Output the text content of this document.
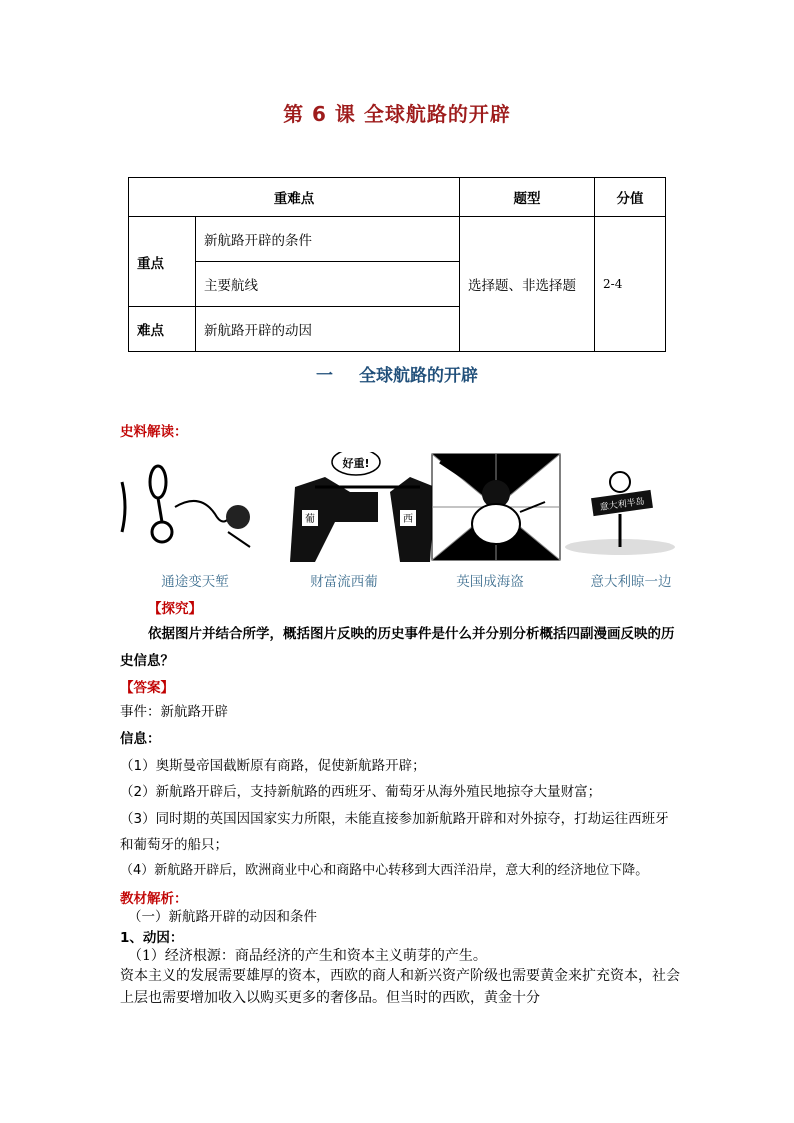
第 6 课 全球航路的开辟
重难点		题型	分值
重点	新航路开辟的条件	选择题、非选择题	2-4
	主要航线		
难点	新航路开辟的动因		
一 全球航路的开辟
史料解读：
好重!
葡	西
意大利半岛
通途变天堑	财富流西葡	英国成海盗	意大利晾一边
【探究】
依据图片并结合所学，概括图片反映的历史事件是什么并分别分析概括四副漫画反映的历史信息？
【答案】
事件：新航路开辟
信息：
（1）奥斯曼帝国截断原有商路，促使新航路开辟；
（2）新航路开辟后，支持新航路的西班牙、葡萄牙从海外殖民地掠夺大量财富；
（3）同时期的英国因国家实力所限，未能直接参加新航路开辟和对外掠夺，打劫运往西班牙和葡萄牙的船只；
（4）新航路开辟后，欧洲商业中心和商路中心转移到大西洋沿岸，意大利的经济地位下降。
教材解析：
（一）新航路开辟的动因和条件
1、动因：
（1）经济根源：商品经济的产生和资本主义萌芽的产生。
资本主义的发展需要雄厚的资本，西欧的商人和新兴资产阶级也需要黄金来扩充资本，社会上层也需要增加收入以购买更多的奢侈品。但当时的西欧，黄金十分
